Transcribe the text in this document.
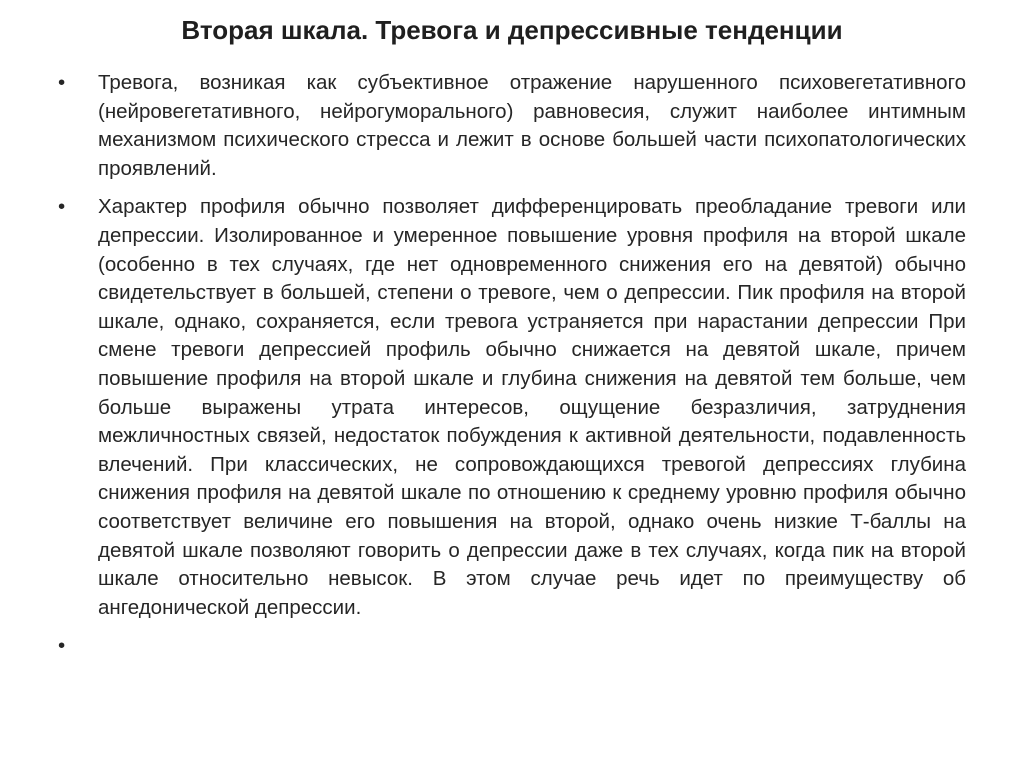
Вторая шкала. Тревога и депрессивные тенденции
•	Тревога, возникая как субъективное отражение нарушенного психовегетативного (нейровегетативного, нейрогуморального) равновесия, служит наиболее интимным механизмом психического стресса и лежит в основе большей части психопатологических проявлений.
•	Характер профиля обычно позволяет дифференцировать преобладание тревоги или депрессии. Изолированное и умеренное повышение уровня профиля на второй шкале (особенно в тех случаях, где нет одновременного снижения его на девятой) обычно свидетельствует в большей, степени о тревоге, чем о депрессии. Пик профиля на второй шкале, однако, сохраняется, если тревога устраняется при нарастании депрессии При смене тревоги депрессией профиль обычно снижается на девятой шкале, причем повышение профиля на второй шкале и глубина снижения на девятой тем больше, чем больше выражены утрата интересов, ощущение безразличия, затруднения межличностных связей, недостаток побуждения к активной деятельности, подавленность влечений. При классических, не сопровождающихся тревогой депрессиях глубина снижения профиля на девятой шкале по отношению к среднему уровню профиля обычно соответствует величине его повышения на второй, однако очень низкие Т-баллы на девятой шкале позволяют говорить о депрессии даже в тех случаях, когда пик на второй шкале относительно невысок. В этом случае речь идет по преимуществу об ангедонической депрессии.
•
